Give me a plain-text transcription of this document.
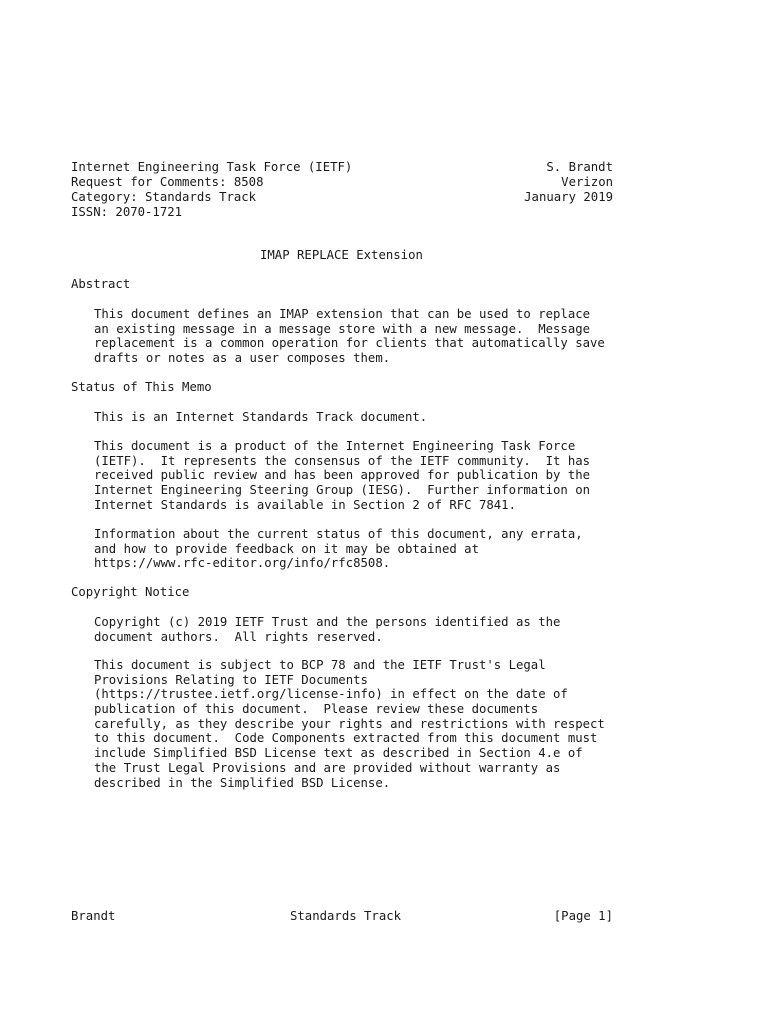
Internet Engineering Task Force (IETF)
Request for Comments: 8508
Category: Standards Track
ISSN: 2070-1721
S. Brandt
Verizon
January 2019
IMAP REPLACE Extension
Abstract
This document defines an IMAP extension that can be used to replace
an existing message in a message store with a new message.  Message
replacement is a common operation for clients that automatically save
drafts or notes as a user composes them.
Status of This Memo
This is an Internet Standards Track document.
This document is a product of the Internet Engineering Task Force
(IETF).  It represents the consensus of the IETF community.  It has
received public review and has been approved for publication by the
Internet Engineering Steering Group (IESG).  Further information on
Internet Standards is available in Section 2 of RFC 7841.
Information about the current status of this document, any errata,
and how to provide feedback on it may be obtained at
https://www.rfc-editor.org/info/rfc8508.
Copyright Notice
Copyright (c) 2019 IETF Trust and the persons identified as the
document authors.  All rights reserved.
This document is subject to BCP 78 and the IETF Trust's Legal
Provisions Relating to IETF Documents
(https://trustee.ietf.org/license-info) in effect on the date of
publication of this document.  Please review these documents
carefully, as they describe your rights and restrictions with respect
to this document.  Code Components extracted from this document must
include Simplified BSD License text as described in Section 4.e of
the Trust Legal Provisions and are provided without warranty as
described in the Simplified BSD License.
Brandt	Standards Track	[Page 1]
